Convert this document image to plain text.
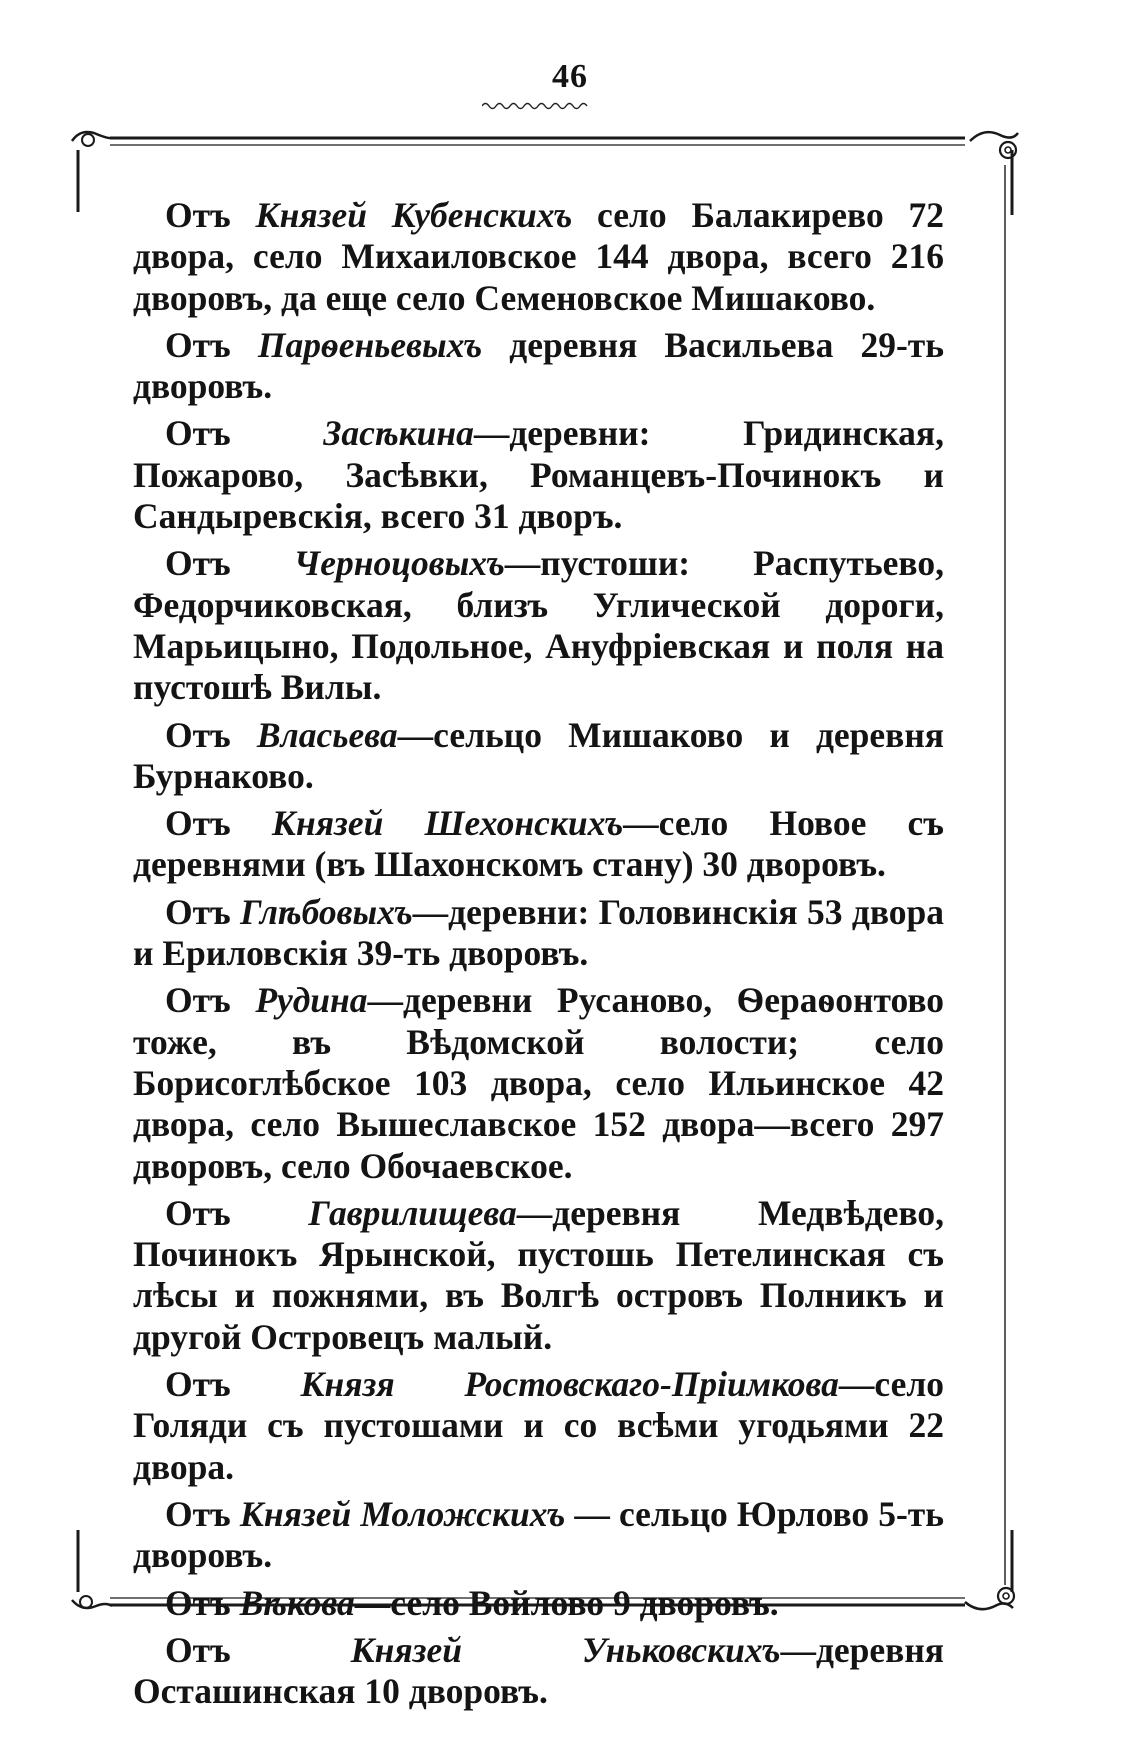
46

Отъ Князей Кубенскихъ село Балакирево 72 двора, село Михаиловское 144 двора, всего 216 дворовъ, да еще село Семеновское Мишаково.

Отъ Парѳеньевыхъ деревня Васильева 29-ть дворовъ.

Отъ	Засѣкина—деревни: Гридинская, Пожарово, Засѣвки, Романцевъ-Починокъ и Сандыревскія, всего 31 дворъ.

Отъ Черноцовыхъ—пустоши: Распутьево, Федорчиковская, близъ Углической дороги, Марьицыно, Подольное, Ануфріевская и поля на пустошѣ Вилы.

Отъ Власьева—сельцо Мишаково и деревня Бурнаково.

Отъ Князей Шехонскихъ—село Новое съ деревнями (въ Шахонскомъ стану) 30 дворовъ.

Отъ Глѣбовыхъ—деревни: Головинскія 53 двора и Ериловскія 39-ть дворовъ.

Отъ Рудина—деревни Русаново, Ѳераѳонтово тоже, въ Вѣдомской волости; село Борисоглѣбское 103 двора, село Ильинское 42 двора, село Вышеславское 152 двора—всего 297 дворовъ, село Обочаевское.

Отъ Гаврилищева—деревня Медвѣдево, Починокъ Ярынской, пустошь Петелинская съ лѣсы и пожнями, въ Волгѣ островъ Полникъ и другой Островецъ малый.

Отъ Князя Ростовскаго-Пріимкова—село Голяди съ пустошами и со всѣми угодьями 22 двора.

Отъ Князей Моложскихъ — сельцо Юрлово 5-ть дворовъ.

Отъ Вѣкова—село Войлово 9 дворовъ.

Отъ	Князей Уньковскихъ—деревня Осташинская 10 дворовъ.
